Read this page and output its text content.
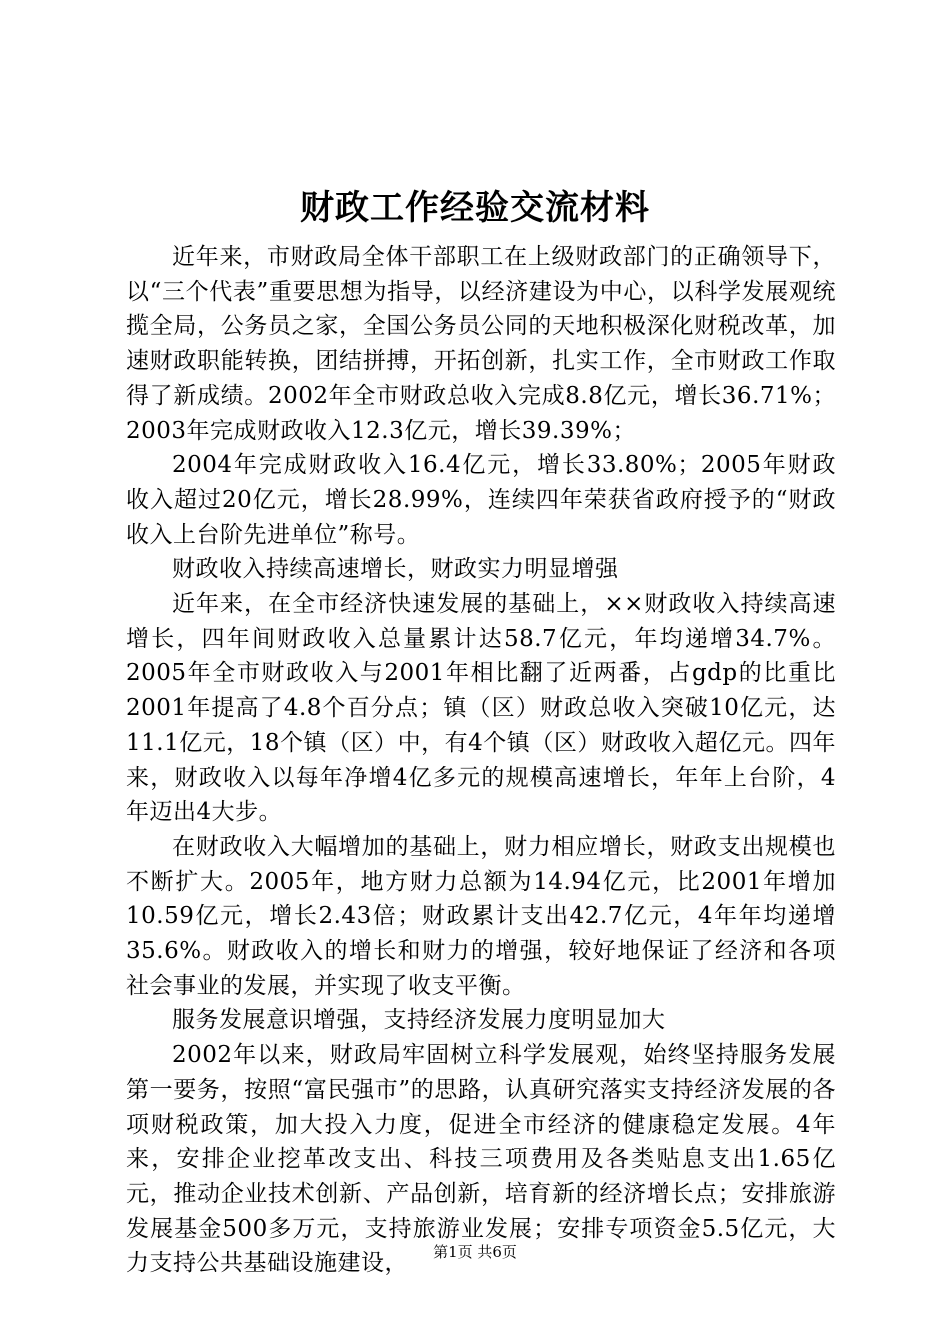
财政工作经验交流材料

近年来，市财政局全体干部职工在上级财政部门的正确领导下，以“三个代表”重要思想为指导，以经济建设为中心，以科学发展观统揽全局，公务员之家，全国公务员公同的天地积极深化财税改革，加速财政职能转换，团结拼搏，开拓创新，扎实工作，全市财政工作取得了新成绩。2002年全市财政总收入完成8.8亿元，增长36.71%；2003年完成财政收入12.3亿元，增长39.39%；

2004年完成财政收入16.4亿元，增长33.80%；2005年财政收入超过20亿元，增长28.99%，连续四年荣获省政府授予的“财政收入上台阶先进单位”称号。

财政收入持续高速增长，财政实力明显增强

近年来，在全市经济快速发展的基础上，××财政收入持续高速增长，四年间财政收入总量累计达58.7亿元，年均递增34.7%。2005年全市财政收入与2001年相比翻了近两番，占gdp的比重比2001年提高了4.8个百分点；镇（区）财政总收入突破10亿元，达11.1亿元，18个镇（区）中，有4个镇（区）财政收入超亿元。四年来，财政收入以每年净增4亿多元的规模高速增长，年年上台阶，4年迈出4大步。

在财政收入大幅增加的基础上，财力相应增长，财政支出规模也不断扩大。2005年，地方财力总额为14.94亿元，比2001年增加10.59亿元，增长2.43倍；财政累计支出42.7亿元，4年年均递增35.6%。财政收入的增长和财力的增强，较好地保证了经济和各项社会事业的发展，并实现了收支平衡。

服务发展意识增强，支持经济发展力度明显加大

2002年以来，财政局牢固树立科学发展观，始终坚持服务发展第一要务，按照“富民强市”的思路，认真研究落实支持经济发展的各项财税政策，加大投入力度，促进全市经济的健康稳定发展。4年来，安排企业挖革改支出、科技三项费用及各类贴息支出1.65亿元，推动企业技术创新、产品创新，培育新的经济增长点；安排旅游发展基金500多万元，支持旅游业发展；安排专项资金5.5亿元，大力支持公共基础设施建设，	第1页 共6页
